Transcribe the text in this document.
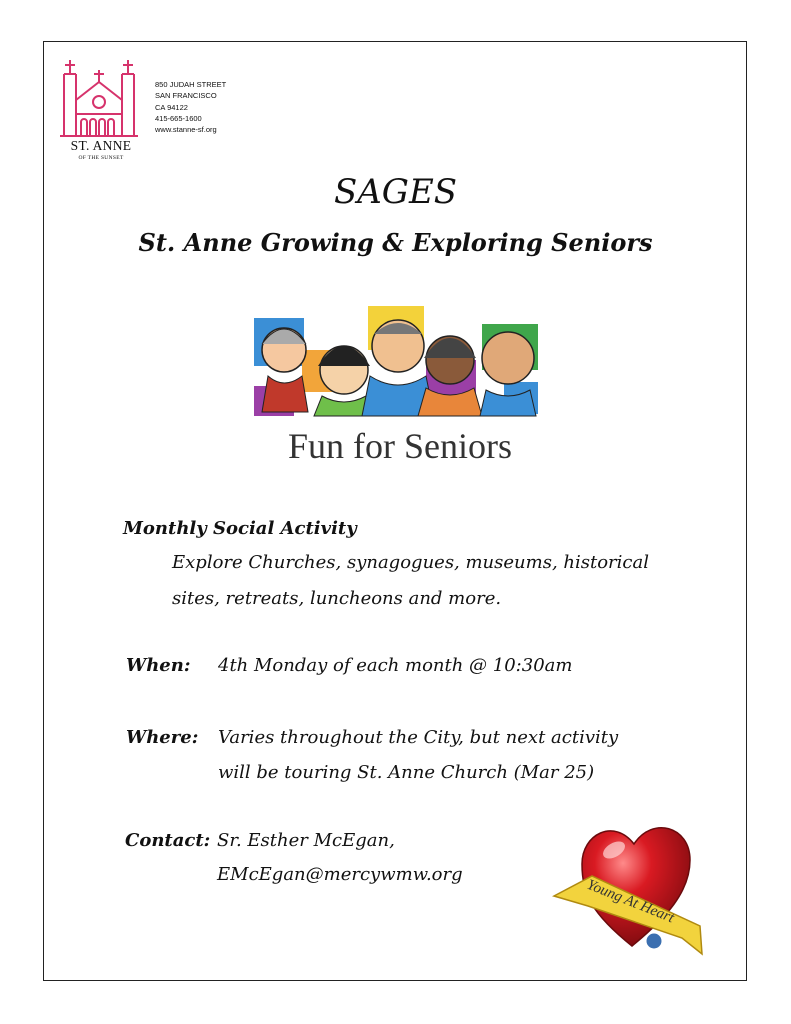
ST. ANNE
OF THE SUNSET
850 JUDAH STREET
SAN FRANCISCO
CA 94122
415-665-1600
www.stanne-sf.org
SAGES
St. Anne Growing & Exploring Seniors
Fun for Seniors
Monthly Social Activity
Explore Churches, synagogues, museums, historical
sites, retreats, luncheons and more.
When: 4th Monday of each month @ 10:30am
Where: Varies throughout the City, but next activity
will be touring St. Anne Church (Mar 25)
Contact: Sr. Esther McEgan,
EMcEgan@mercywmw.org
Young At Heart
